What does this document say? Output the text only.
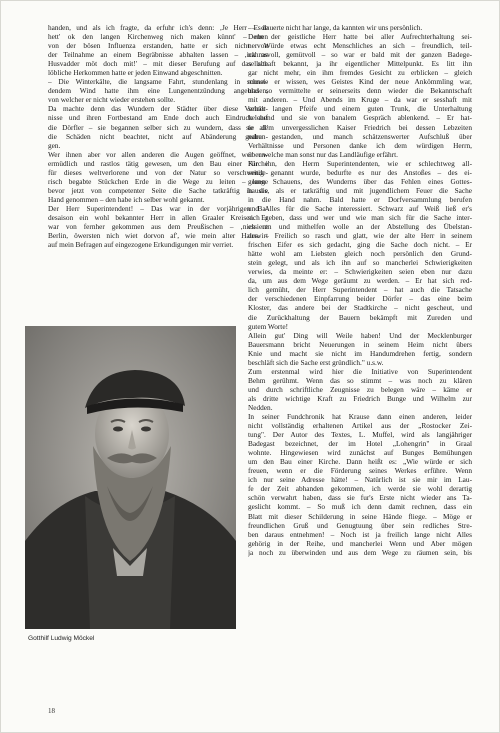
handen, und als ich fragte, da erfuhr ich's denn: ‚Je Herr – de
hett' ok den langen Kirchenweg nich maken künnt' – eben
von der bösen Influenza erstanden, hatte er sich nicht von
der Teilnahme an einem Begräbnisse abhalten lassen – ‚ick as
Husvadder möt doch mit!' – mit dieser Berufung auf das alte
löbliche Herkommen hatte er jeden Einwand abgeschnitten.
– Die Winterkälte, die langsame Fahrt, stundenlang in schnei-
dendem Wind hatte ihm eine Lungenentzündung angeblasen,
von welcher er nicht wieder erstehen sollte.
Da machte denn das Wundern der Städter über diese Verhält-
nisse und ihren Fortbestand am Ende doch auch Eindruck auf
die Dörfler – sie begannen selber sich zu wundern, dass sie all'
die Schäden nicht beachtet, nicht auf Abänderung gedrun-
gen.
Wer ihnen aber vor allen anderen die Augen geöffnet, wer un-
ermüdlich und rastlos tätig gewesen, um den Bau einer Kirche
für dieses weltverlorene und von der Natur so verschwende-
risch begabte Stückchen Erde in die Wege zu leiten – lange
bevor jetzt von competenter Seite die Sache tatkräftig in die
Hand genommen – den habe ich selber wohl gekannt.
Der Herr Superintendent! – Das war in der vorjährigen Ba-
desaison ein wohl bekannter Herr in allen Graaler Kreisen. Er
war von fernher gekommen aus dem Preußischen – ‚nich ut
Berlin, öwersten nich wiet dorvon af', wie mein alter Hauswirt
auf mein Befragen auf eingezogene Erkundigungen mir verriet.
– Es dauerte nicht har lange, da kannten wir uns persönlich.
Denn der geistliche Herr hatte bei aller Aufrechterhaltung sei-
ner Würde etwas echt Menschliches an sich – freundlich, teil-
nahmsvoll, gemütvoll – so war er bald mit der ganzen Badege-
sellschaft bekannt, ja ihr eigentlicher Mittelpunkt. Es litt ihn
gar nicht mehr, ein ihm fremdes Gesicht zu erblicken – gleich
musste er wissen, wes Geistes Kind der neue Ankömmling war,
und so vermittelte er seinerseits denn wieder die Bekanntschaft
mit anderen. – Und Abends im Kruge – da war er sesshaft mit
seiner langen Pfeife und einem guten Trunk, die Unterhaltung
belebend und sie von banalem Gespräch ablenkend. – Er hat-
te dem unvergesslichen Kaiser Friedrich bei dessen Lebzeiten
nahe gestanden, und manch schätzenswerter Aufschluß über
Verhältnisse und Personen danke ich dem würdigen Herrn,
über welche man sonst nur das Landläufige erfährt.
Für ihn, den Herrn Superintendenten, wie er schlechtweg all-
seitig genannt wurde, bedurfte es nur des Anstoßes – des ei-
genen Schauens, des Wunderns über das Fehlen eines Gottes-
hauses, als er tatkräftig und mit jugendlichem Feuer die Sache
in die Hand nahm. Bald hatte er Dorfversammlung berufen
und Alles für die Sache interessiert. Schwarz auf Weiß ließ er's
sich geben, dass und wer und wie man sich für die Sache inter-
essieren und mithelfen wolle an der Abstellung des Übelstan-
des. – Freilich so rasch und glatt, wie der alte Herr in seinem
frischen Eifer es sich gedacht, ging die Sache doch nicht. – Er
hätte wohl am Liebsten gleich noch persönlich den Grund-
stein gelegt, und als ich ihn auf so mancherlei Schwierigkeiten
verwies, da meinte er: – Schwierigkeiten seien eben nur dazu
da, um aus dem Wege geräumt zu werden. – Er hat sich red-
lich gemüht, der Herr Superintendent – hat auch die Tatsache
der verschiedenen Einpfarrung beider Dörfer – das eine beim
Kloster, das andere bei der Stadtkirche – nicht gescheut, und
die Zurückhaltung der Bauern bekämpft mit Zureden und
gutem Worte!
Allein gut' Ding will Weile haben! Und der Mecklenburger
Bauersmann bricht Neuerungen in seinem Heim nicht übers
Knie und macht sie nicht im Handumdrehen fertig, sondern
beschläft sich die Sache erst gründlich." u.s.w.
Zum erstenmal wird hier die Initiative von Superintendent
Behm gerühmt. Wenn das so stimmt – was noch zu klären
und durch schriftliche Zeugnisse zu belegen wäre – käme er
als dritte wichtige Kraft zu Friedrich Bunge und Wilhelm zur
Nedden.
In seiner Fundchronik hat Krause dann einen anderen, leider
nicht vollständig erhaltenen Artikel aus der „Rostocker Zei-
tung". Der Autor des Textes, L. Muffel, wird als langjähriger
Badegast bezeichnet, der im Hotel „Lohengrin" in Graal
wohnte. Hingewiesen wird zunächst auf Bunges Bemühungen
um den Bau einer Kirche. Dann heißt es: „Wie würde er sich
freuen, wenn er die Förderung seines Werkes erführe. Wenn
ich nur seine Adresse hätte! – Natürlich ist sie mir im Lau-
fe der Zeit abhanden gekommen, ich werde sie wohl derartig
schön verwahrt haben, dass sie fur's Erste nicht wieder ans Ta-
geslicht kommt. – So muß ich denn damit rechnen, dass ein
Blatt mit dieser Schilderung in seine Hände fliege. – Möge er
freundlichen Gruß und Genugtuung über sein redliches Stre-
ben daraus entnehmen! – Noch ist ja freilich lange nicht Alles
gehörig in der Reihe, und mancherlei Wenn und Aber mögen
ja noch zu überwinden und aus dem Wege zu räumen sein, bis
Gotthilf Ludwig Möckel
18
